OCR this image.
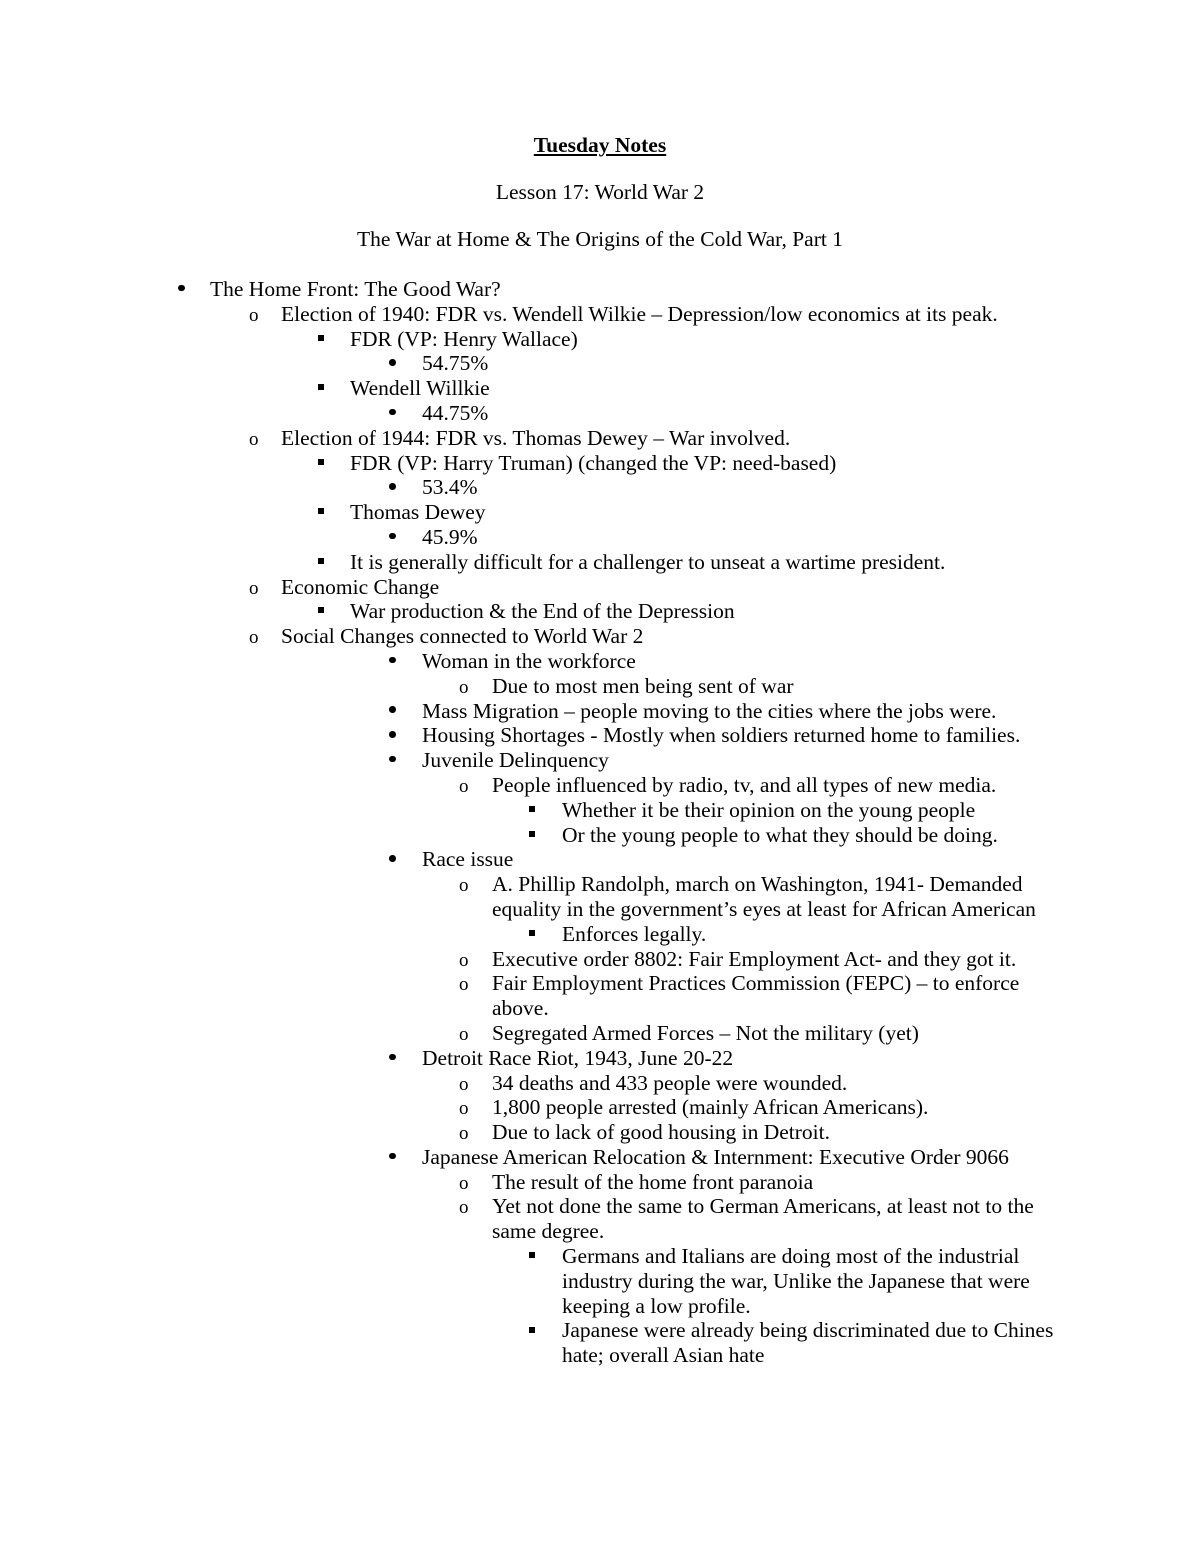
Tuesday Notes

Lesson 17: World War 2

The War at Home & The Origins of the Cold War, Part 1

The Home Front: The Good War?
o	Election of 1940: FDR vs. Wendell Wilkie – Depression/low economics at its peak.
FDR (VP: Henry Wallace)
54.75%
Wendell Willkie
44.75%
o	Election of 1944: FDR vs. Thomas Dewey – War involved.
FDR (VP: Harry Truman) (changed the VP: need-based)
53.4%
Thomas Dewey
45.9%
It is generally difficult for a challenger to unseat a wartime president.
o	Economic Change
War production & the End of the Depression
o	Social Changes connected to World War 2
Woman in the workforce
o	Due to most men being sent of war
Mass Migration – people moving to the cities where the jobs were.
Housing Shortages - Mostly when soldiers returned home to families.
Juvenile Delinquency
o	People influenced by radio, tv, and all types of new media.
Whether it be their opinion on the young people
Or the young people to what they should be doing.
Race issue
o	A. Phillip Randolph, march on Washington, 1941- Demanded equality in the government’s eyes at least for African American
Enforces legally.
o	Executive order 8802: Fair Employment Act- and they got it.
o	Fair Employment Practices Commission (FEPC) – to enforce above.
o	Segregated Armed Forces – Not the military (yet)
Detroit Race Riot, 1943, June 20-22
o	34 deaths and 433 people were wounded.
o	1,800 people arrested (mainly African Americans).
o	Due to lack of good housing in Detroit.
Japanese American Relocation & Internment: Executive Order 9066
o	The result of the home front paranoia
o	Yet not done the same to German Americans, at least not to the same degree.
Germans and Italians are doing most of the industrial industry during the war, Unlike the Japanese that were keeping a low profile.
Japanese were already being discriminated due to Chines hate; overall Asian hate
